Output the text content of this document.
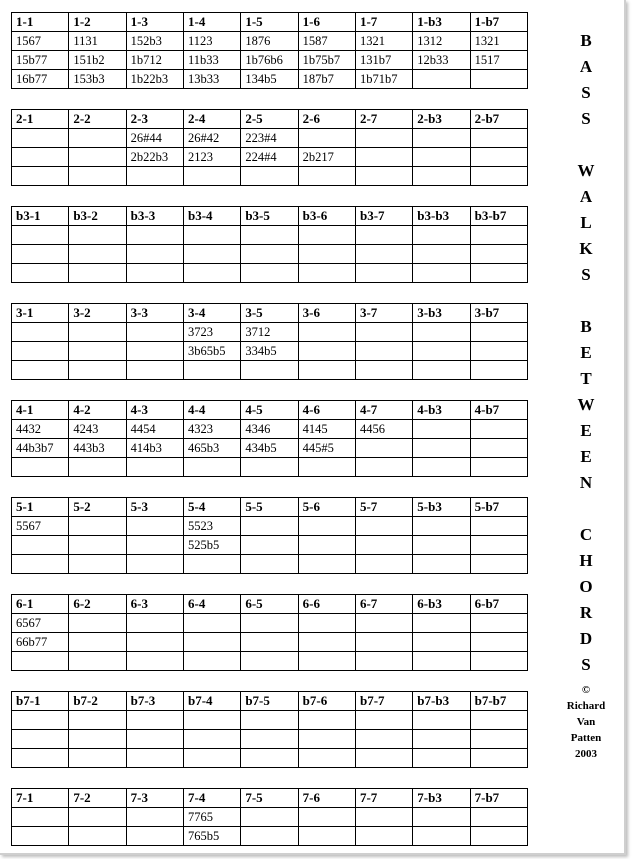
1-1	1-2	1-3	1-4	1-5	1-6	1-7	1-b3	1-b7
1567	1131	152b3	1123	1876	1587	1321	1312	1321
15b77	151b2	1b712	11b33	1b76b6	1b75b7	131b7	12b33	1517
16b77	153b3	1b22b3	13b33	134b5	187b7	1b71b7		
2-1	2-2	2-3	2-4	2-5	2-6	2-7	2-b3	2-b7
		26#44	26#42	223#4				
		2b22b3	2123	224#4	2b217			

b3-1	b3-2	b3-3	b3-4	b3-5	b3-6	b3-7	b3-b3	b3-b7

3-1	3-2	3-3	3-4	3-5	3-6	3-7	3-b3	3-b7
			3723	3712				
			3b65b5	334b5				

4-1	4-2	4-3	4-4	4-5	4-6	4-7	4-b3	4-b7
4432	4243	4454	4323	4346	4145	4456		
44b3b7	443b3	414b3	465b3	434b5	445#5			

5-1	5-2	5-3	5-4	5-5	5-6	5-7	5-b3	5-b7
5567			5523					
			525b5					

6-1	6-2	6-3	6-4	6-5	6-6	6-7	6-b3	6-b7
6567								
66b77								

b7-1	b7-2	b7-3	b7-4	b7-5	b7-6	b7-7	b7-b3	b7-b7

7-1	7-2	7-3	7-4	7-5	7-6	7-7	7-b3	7-b7
			7765					
			765b5					
B
A
S
S
W
A
L
K
S
B
E
T
W
E
E
N
C
H
O
R
D
S
©
Richard
Van
Patten
2003
